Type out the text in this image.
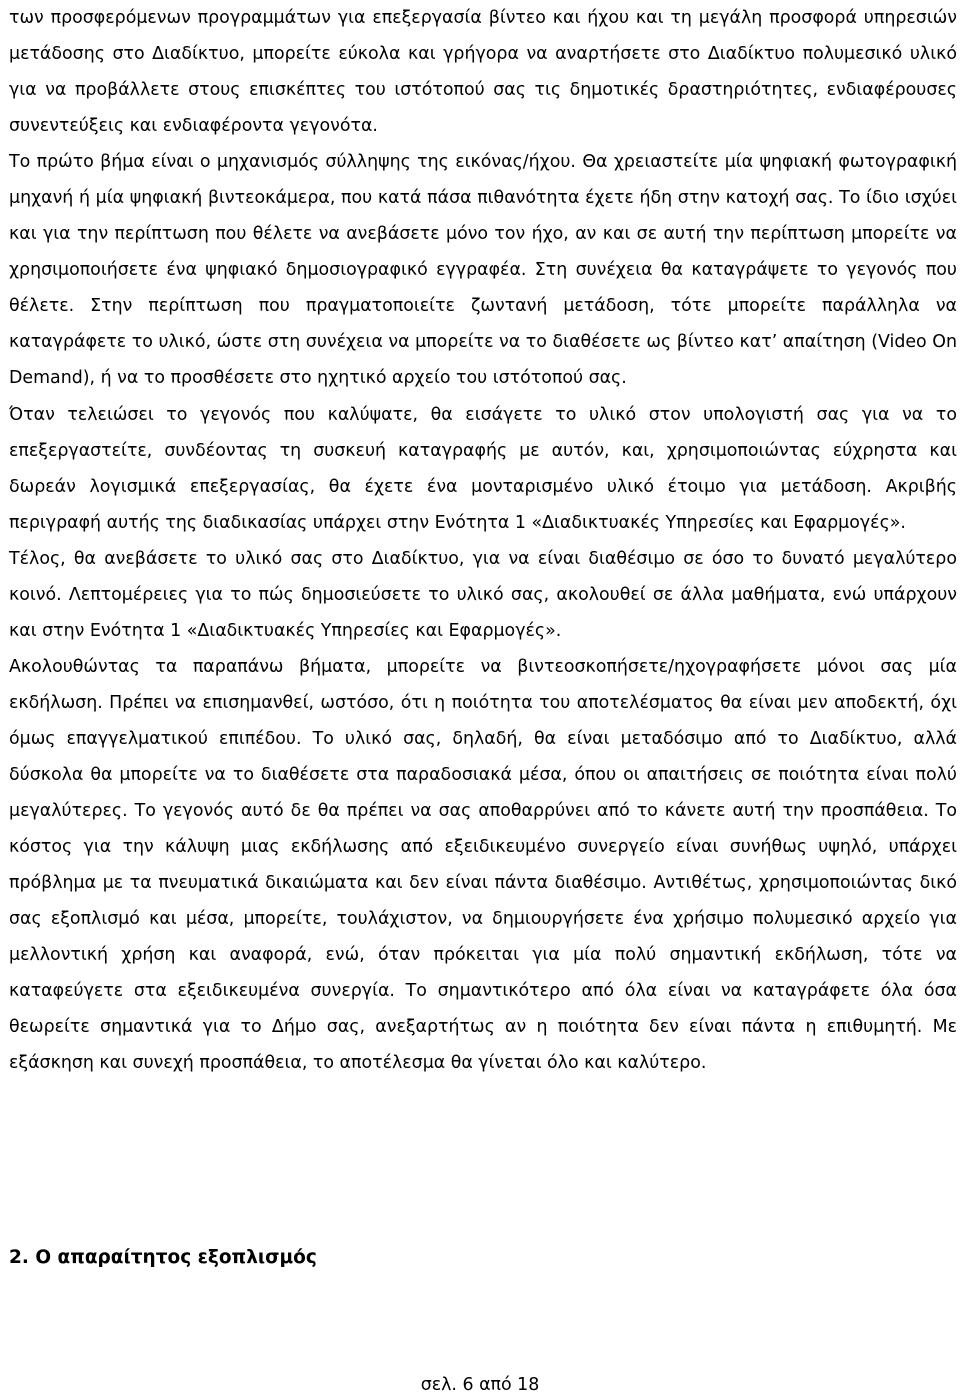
των προσφερόμενων προγραμμάτων για επεξεργασία βίντεο και ήχου και τη μεγάλη προσφορά υπηρεσιών μετάδοσης στο Διαδίκτυο, μπορείτε εύκολα και γρήγορα να αναρτήσετε στο Διαδίκτυο πολυμεσικό υλικό για να προβάλλετε στους επισκέπτες του ιστότοπού σας τις δημοτικές δραστηριότητες, ενδιαφέρουσες συνεντεύξεις και ενδιαφέροντα γεγονότα.

Το πρώτο βήμα είναι ο μηχανισμός σύλληψης της εικόνας/ήχου. Θα χρειαστείτε μία ψηφιακή φωτογραφική μηχανή ή μία ψηφιακή βιντεοκάμερα, που κατά πάσα πιθανότητα έχετε ήδη στην κατοχή σας. Το ίδιο ισχύει και για την περίπτωση που θέλετε να ανεβάσετε μόνο τον ήχο, αν και σε αυτή την περίπτωση μπορείτε να χρησιμοποιήσετε ένα ψηφιακό δημοσιογραφικό εγγραφέα. Στη συνέχεια θα καταγράψετε το γεγονός που θέλετε. Στην περίπτωση που πραγματοποιείτε ζωντανή μετάδοση, τότε μπορείτε παράλληλα να καταγράφετε το υλικό, ώστε στη συνέχεια να μπορείτε να το διαθέσετε ως βίντεο κατ’ απαίτηση (Video On Demand), ή να το προσθέσετε στο ηχητικό αρχείο του ιστότοπού σας.

Όταν τελειώσει το γεγονός που καλύψατε, θα εισάγετε το υλικό στον υπολογιστή σας για να το επεξεργαστείτε, συνδέοντας τη συσκευή καταγραφής με αυτόν, και, χρησιμοποιώντας εύχρηστα και δωρεάν λογισμικά επεξεργασίας, θα έχετε ένα μονταρισμένο υλικό έτοιμο για μετάδοση. Ακριβής περιγραφή αυτής της διαδικασίας υπάρχει στην Ενότητα 1 «Διαδικτυακές Υπηρεσίες και Εφαρμογές».

Τέλος, θα ανεβάσετε το υλικό σας στο Διαδίκτυο, για να είναι διαθέσιμο σε όσο το δυνατό μεγαλύτερο κοινό. Λεπτομέρειες για το πώς δημοσιεύσετε το υλικό σας, ακολουθεί σε άλλα μαθήματα, ενώ υπάρχουν και στην Ενότητα 1 «Διαδικτυακές Υπηρεσίες και Εφαρμογές».

Ακολουθώντας τα παραπάνω βήματα, μπορείτε να βιντεοσκοπήσετε/ηχογραφήσετε μόνοι σας μία εκδήλωση. Πρέπει να επισημανθεί, ωστόσο, ότι η ποιότητα του αποτελέσματος θα είναι μεν αποδεκτή, όχι όμως επαγγελματικού επιπέδου. Το υλικό σας, δηλαδή, θα είναι μεταδόσιμο από το Διαδίκτυο, αλλά δύσκολα θα μπορείτε να το διαθέσετε στα παραδοσιακά μέσα, όπου οι απαιτήσεις σε ποιότητα είναι πολύ μεγαλύτερες. Το γεγονός αυτό δε θα πρέπει να σας αποθαρρύνει από το κάνετε αυτή την προσπάθεια. Το κόστος για την κάλυψη μιας εκδήλωσης από εξειδικευμένο συνεργείο είναι συνήθως υψηλό, υπάρχει πρόβλημα με τα πνευματικά δικαιώματα και δεν είναι πάντα διαθέσιμο. Αντιθέτως, χρησιμοποιώντας δικό σας εξοπλισμό και μέσα, μπορείτε, τουλάχιστον, να δημιουργήσετε ένα χρήσιμο πολυμεσικό αρχείο για μελλοντική χρήση και αναφορά, ενώ, όταν πρόκειται για μία πολύ σημαντική εκδήλωση, τότε να καταφεύγετε στα εξειδικευμένα συνεργία. Το σημαντικότερο από όλα είναι να καταγράφετε όλα όσα θεωρείτε σημαντικά για το Δήμο σας, ανεξαρτήτως αν η ποιότητα δεν είναι πάντα η επιθυμητή. Με εξάσκηση και συνεχή προσπάθεια, το αποτέλεσμα θα γίνεται όλο και καλύτερο.

2. Ο απαραίτητος εξοπλισμός
σελ. 6 από 18
